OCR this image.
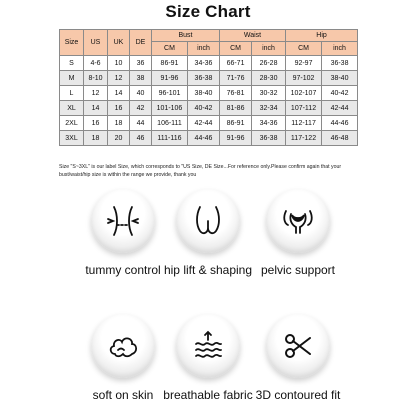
Size Chart
Size	US	UK	DE	Bust		Waist		Hip	
				CM	inch	CM	inch	CM	inch
S	4-6	10	36	86-91	34-36	66-71	26-28	92-97	36-38
M	8-10	12	38	91-96	36-38	71-76	28-30	97-102	38-40
L	12	14	40	96-101	38-40	76-81	30-32	102-107	40-42
XL	14	16	42	101-106	40-42	81-86	32-34	107-112	42-44
2XL	16	18	44	106-111	42-44	86-91	34-36	112-117	44-46
3XL	18	20	46	111-116	44-46	91-96	36-38	117-122	46-48
Size "S~3XL" is our label Size, which corresponds to "US Size, DE Size...For reference only.Please confirm again that your bust/waist/hip size is within the range we provide, thank you
tummy control hip lift & shaping pelvic support
soft on skin breathable fabric 3D contoured fit
